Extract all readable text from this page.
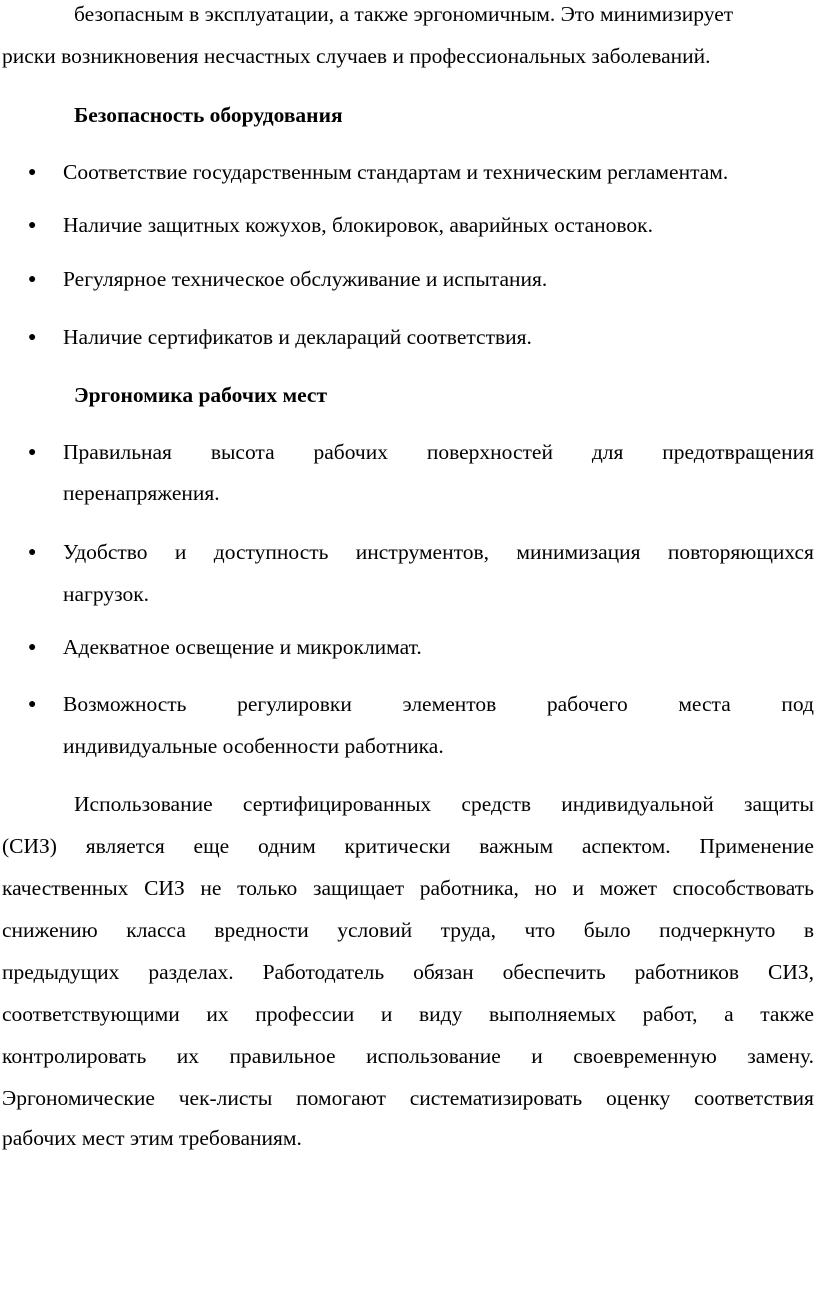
безопасным в эксплуатации, а также эргономичным. Это минимизирует
риски возникновения несчастных случаев и профессиональных заболеваний.
Безопасность оборудования
● Соответствие государственным стандартам и техническим регламентам.
● Наличие защитных кожухов, блокировок, аварийных остановок.
● Регулярное техническое обслуживание и испытания.
● Наличие сертификатов и деклараций соответствия.
Эргономика рабочих мест
● Правильная высота рабочих поверхностей для предотвращения
перенапряжения.
● Удобство и доступность инструментов, минимизация повторяющихся
нагрузок.
● Адекватное освещение и микроклимат.
● Возможность регулировки элементов рабочего места под
индивидуальные особенности работника.
Использование сертифицированных средств индивидуальной защиты
(СИЗ) является еще одним критически важным аспектом. Применение
качественных СИЗ не только защищает работника, но и может способствовать
снижению класса вредности условий труда, что было подчеркнуто в
предыдущих разделах. Работодатель обязан обеспечить работников СИЗ,
соответствующими их профессии и виду выполняемых работ, а также
контролировать их правильное использование и своевременную замену.
Эргономические чек-листы помогают систематизировать оценку соответствия
рабочих мест этим требованиям.
